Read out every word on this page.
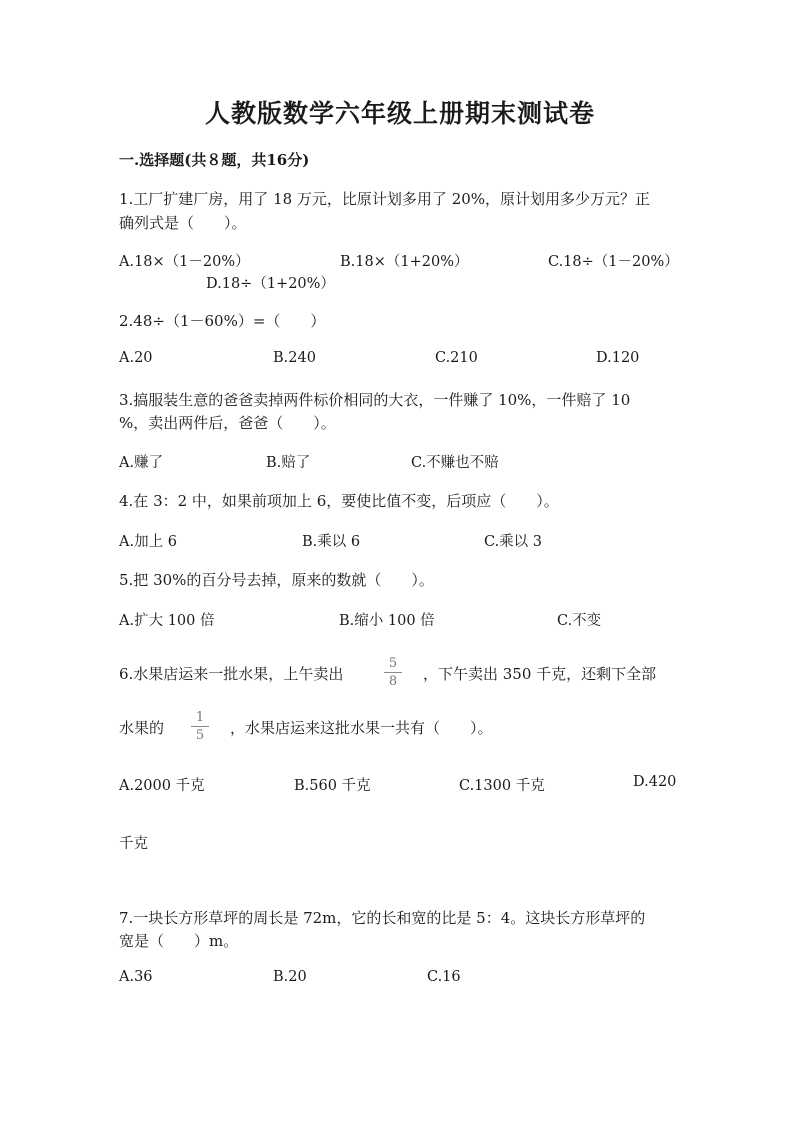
人教版数学六年级上册期末测试卷
一.选择题(共８题，共16分)
1.工厂扩建厂房，用了 18 万元，比原计划多用了 20%，原计划用多少万元？正
确列式是（　　）。
A.18×（1－20%）	B.18×（1+20%）	C.18÷（1－20%）
D.18÷（1+20%）
2.48÷（1－60%）=（　　）
A.20	B.240	C.210	D.120
3.搞服装生意的爸爸卖掉两件标价相同的大衣，一件赚了 10%，一件赔了 10
%，卖出两件后，爸爸（　　）。
A.赚了	B.赔了	C.不赚也不赔
4.在 3：2 中，如果前项加上 6，要使比值不变，后项应（　　）。
A.加上 6	B.乘以 6	C.乘以 3
5.把 30%的百分号去掉，原来的数就（　　）。
A.扩大 100 倍	B.缩小 100 倍	C.不变
6.水果店运来一批水果，上午卖出	$\frac{5}{8}$ ，下午卖出 350 千克，还剩下全部
水果的 $\frac{1}{5}$ ，水果店运来这批水果一共有（　　）。
A.2000 千克	B.560 千克	C.1300 千克	D.420
千克
7.一块长方形草坪的周长是 72m，它的长和宽的比是 5：4。这块长方形草坪的
宽是（　　）m。
A.36	B.20	C.16
